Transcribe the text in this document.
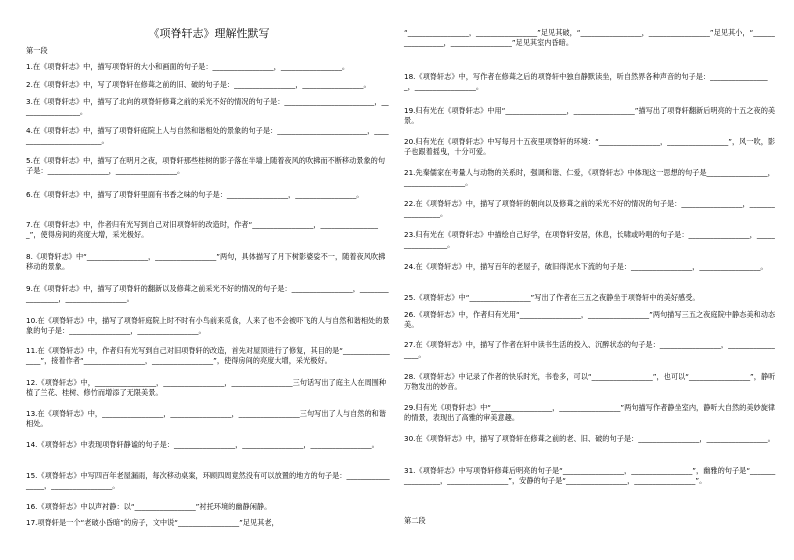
《项脊轩志》理解性默写
第一段
1.在《项脊轩志》中，描写项脊轩的大小和画面的句子是：_________________，_________________。
2.在《项脊轩志》中，写了项脊轩在修葺之前的旧、破的句子是：_________________，_________________。
3.在《项脊轩志》中，描写了北向的项脊轩修葺之前的采光不好的情况的句子是：_________________________，_________________。
4.在《项脊轩志》中，描写了项脊轩庭院上人与自然和谐相处的景象的句子是：_________________________，_________________________。
5.在《项脊轩志》中，描写了在明月之夜，项脊轩那些桂树的影子落在半墙上随着夜风的吹拂而不断移动景象的句子是：_________________，_________________。
6.在《项脊轩志》中，描写了项脊轩里面有书香之味的句子是：_________________，_________________。
7.在《项脊轩志》中，作者归有光写到自己对旧项脊轩的改造时，作者“_________________，_________________”，使得房间的亮度大增，采光极好。
8.《项脊轩志》中“_________________，_________________”两句，具体描写了月下树影婆娑不一，随着夜风吹拂移动的景象。
9.在《项脊轩志》中，描写了项脊轩的翻新以及修葺之前采光不好的情况的句子是：_________________，_________________，_________________。
10.在《项脊轩志》中，描写了项脊轩庭院上时不时有小鸟前来觅食，人来了也不会被吓飞的人与自然和谐相处的景象的句子是：_________________，_________________。
11.在《项脊轩志》中，作者归有光写到自己对旧项脊轩的改造，首先对屋顶进行了修复，其目的是“_________________”，接着作者“_________________，_________________”，使得房间的亮度大增，采光极好。
12.《项脊轩志》中，_________________，_________________，_________________三句话写出了庭主人在周围种植了兰花、桂树、修竹而增添了无限美景。
13.在《项脊轩志》中，_________________，_________________，_________________三句写出了人与自然的和谐相处。
14.《项脊轩志》中表现项脊轩静谧的句子是：_________________，_________________，_________________。
15.《项脊轩志》中写四百年老屋漏雨，每次移动桌案，环顾四周竟然没有可以放置的地方的句子是：_________________，_________________。
16.《项脊轩志》中以声衬静：以“_________________”衬托环境的幽静闲静。
17.项脊轩是一个“老破小昏暗”的房子，文中说“_________________”足见其老，
“_________________，_________________”足见其破，“_________________，_________________”足见其小，“_________________，_________________”足见其室内昏暗。
18.《项脊轩志》中，写作者在修葺之后的项脊轩中独自静默读坐，听自然界各种声音的句子是：_________________，_________________。
19.归有光在《项脊轩志》中用“_________________，_________________”描写出了项脊轩翻新后明亮的十五之夜的美景。
20.归有光在《项脊轩志》中写每月十五夜里项脊轩的环境：“_________________，_________________”，风一吹，影子也跟着摇曳，十分可爱。
21.先秦儒家在考量人与动物的关系时，强调和谐、仁爱，《项脊轩志》中体现这一思想的句子是_________________，_________________。
22.在《项脊轩志》中，描写了项脊轩的朝向以及修葺之前的采光不好的情况的句子是：_________________，_________________。
23.归有光在《项脊轩志》中描绘自己好学，在项脊轩安居，休息，长啸或吟唱的句子是：_________________，_________________。
24.在《项脊轩志》中，描写百年的老屋子，破旧得泥水下流的句子是：_________________，_________________。
25.《项脊轩志》中“_________________”写出了作者在三五之夜静坐于项脊轩中的美好感受。
26.《项脊轩志》中，作者归有光用“_________________，_________________”两句描写三五之夜庭院中静态美和动态美。
27.在《项脊轩志》中，描写了作者在轩中读书生活的投入、沉醉状态的句子是：_________________，_________________。
28.《项脊轩志》中记录了作者的快乐时光，书卷多，可以“_________________”，也可以“_________________”，静听万物发出的妙音。
29.归有光《项脊轩志》中“_________________，_________________”两句描写作者静坐室内，静听大自然的美妙旋律的情景，表现出了高雅的审美意趣。
30.在《项脊轩志》中，描写了项脊轩在修葺之前的老、旧、破的句子是：_________________，_________________。
31.《项脊轩志》中写项脊轩修葺后明亮的句子是“_________________，_________________”，幽雅的句子是“_________________，_________________”，安静的句子是“_________________，_________________”。
第二段
